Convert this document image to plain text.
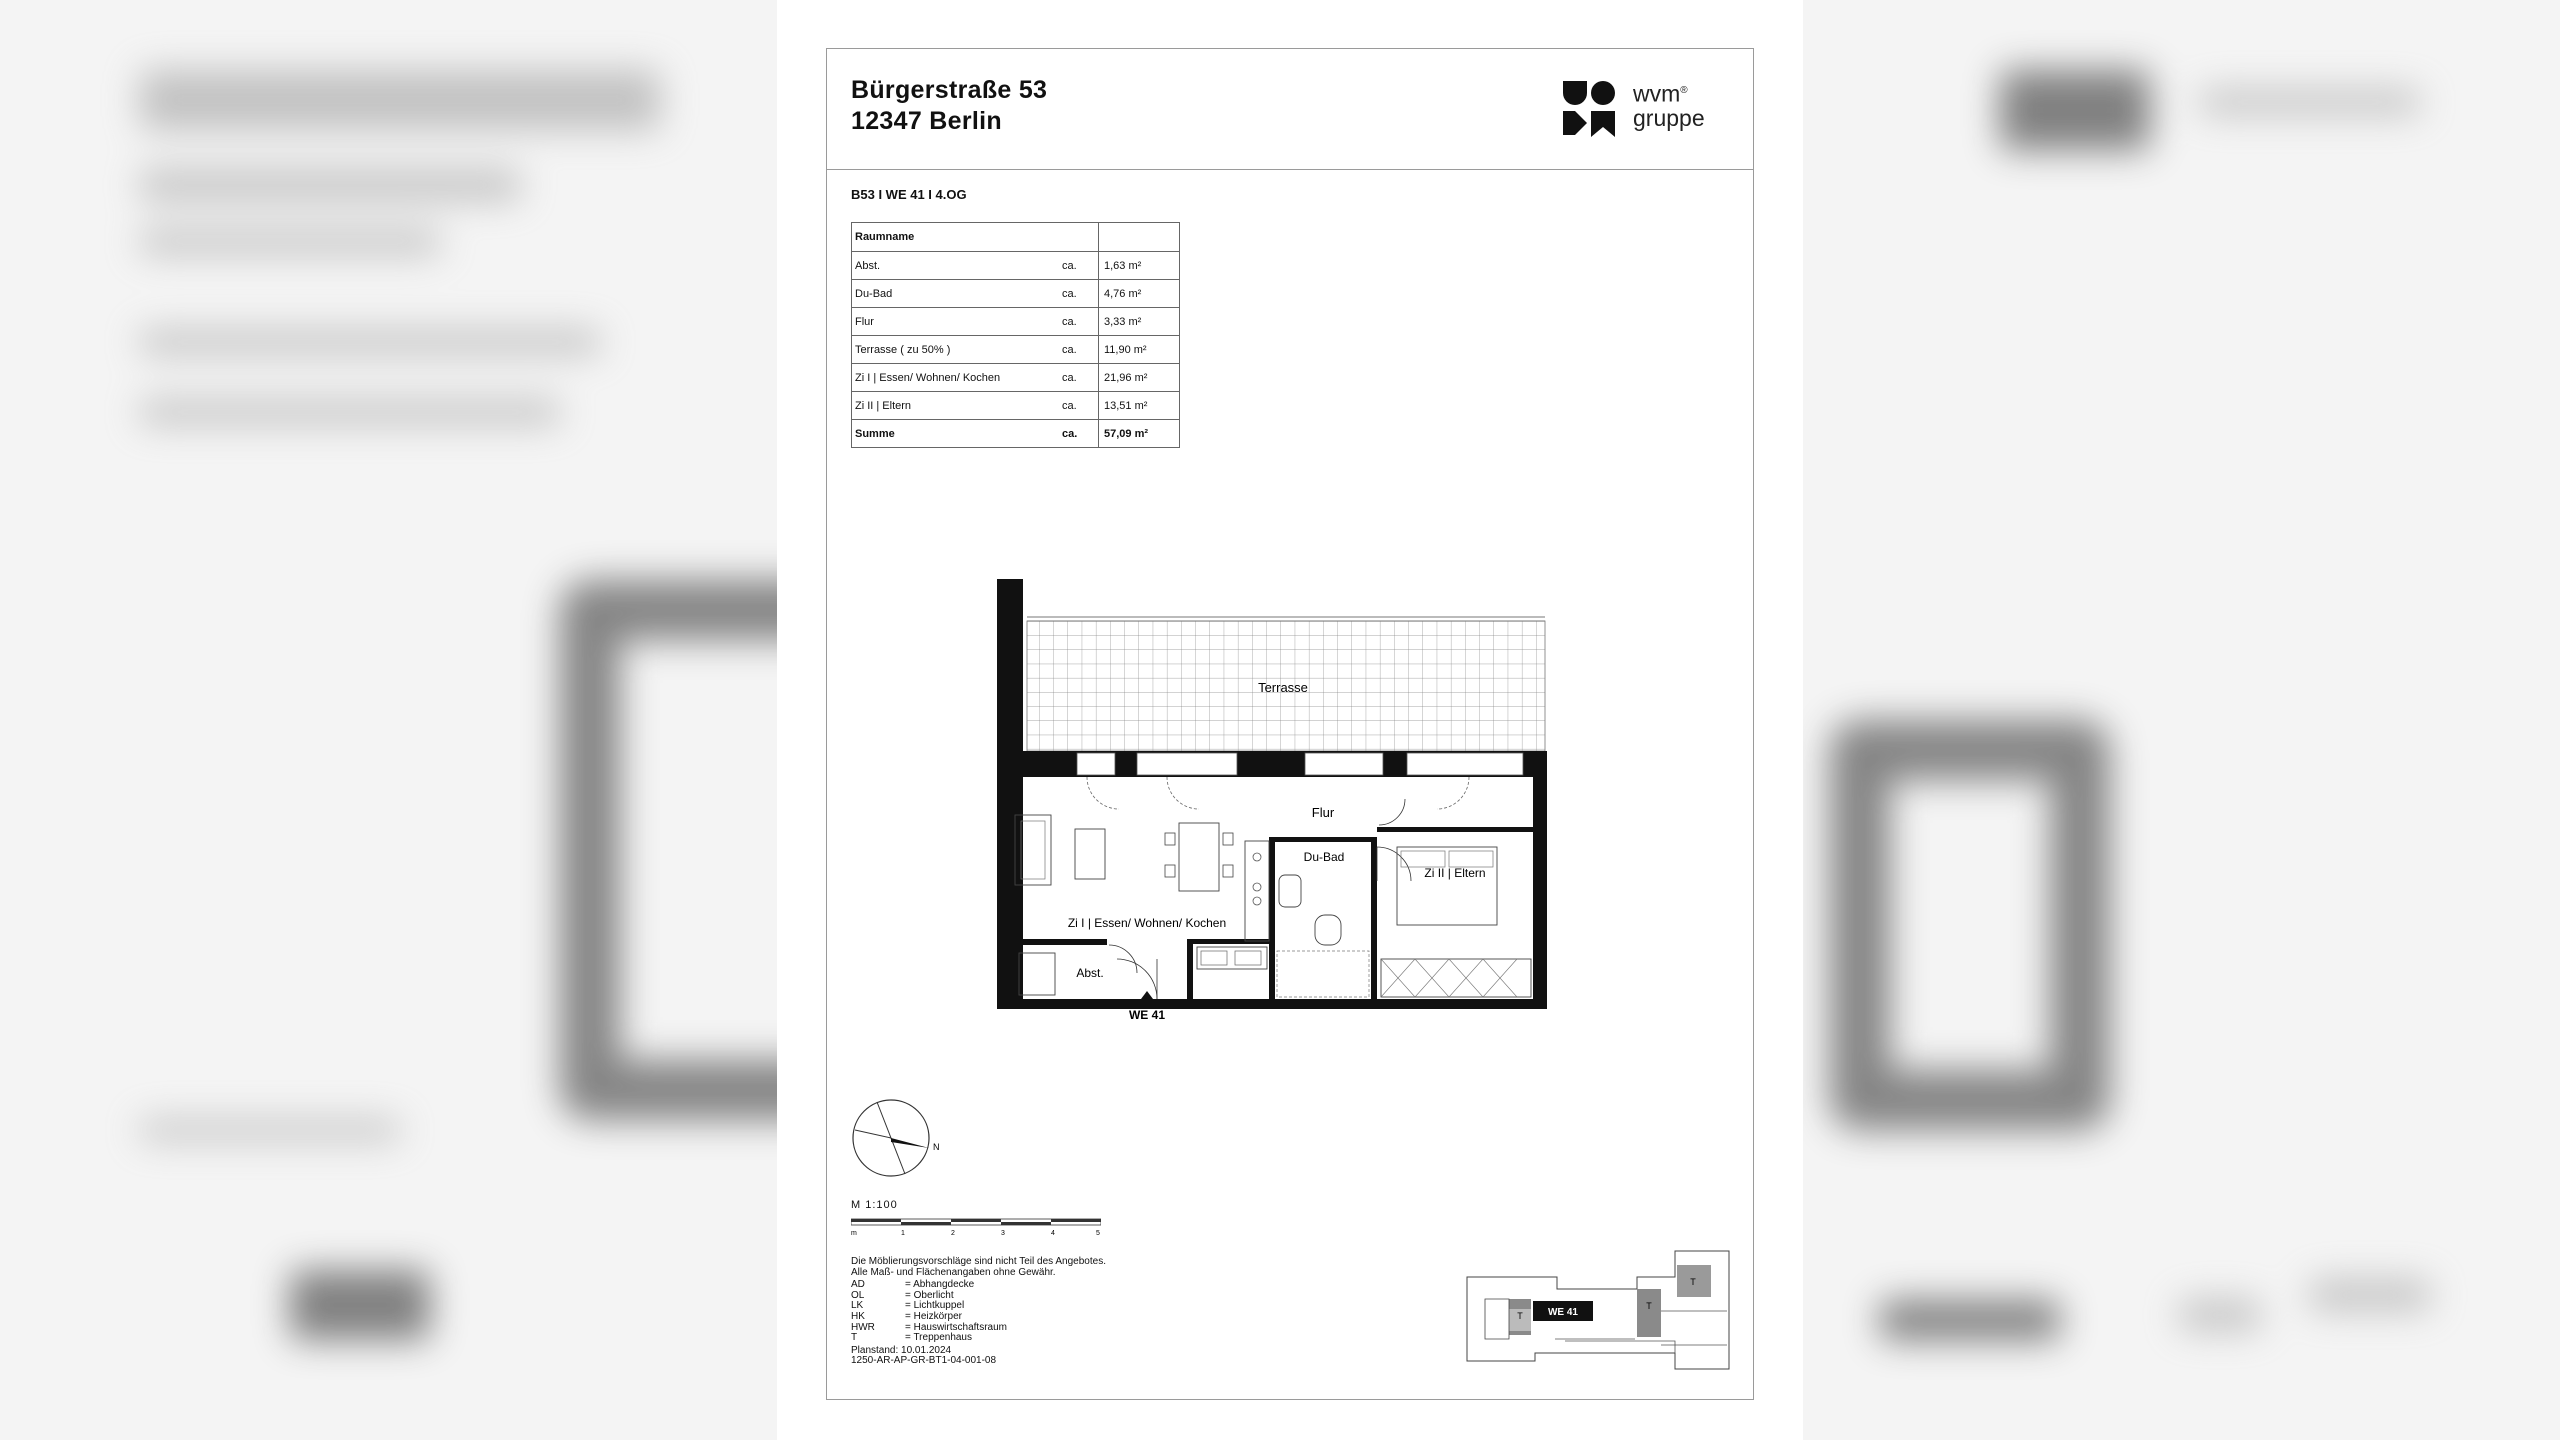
Bürgerstraße 53
12347 Berlin
wvm®
gruppe
B53 I WE 41 I 4.OG
Raumname		
Abst.	ca.	1,63 m²
Du-Bad	ca.	4,76 m²
Flur	ca.	3,33 m²
Terrasse ( zu 50% )	ca.	11,90 m²
Zi I | Essen/ Wohnen/ Kochen	ca.	21,96 m²
Zi II | Eltern	ca.	13,51 m²
Summe	ca.	57,09 m²
Terrasse
Flur
Du-Bad
Zi I | Essen/ Wohnen/ Kochen
Zi II | Eltern
Abst.
WE 41
N
M 1:100
m	1	2	3	4	5
Die Möblierungsvorschläge sind nicht Teil des Angebotes.
Alle Maß- und Flächenangaben ohne Gewähr.
AD	= Abhangdecke
OL	= Oberlicht
LK	= Lichtkuppel
HK	= Heizkörper
HWR	= Hauswirtschaftsraum
T	= Treppenhaus
Planstand: 10.01.2024
1250-AR-AP-GR-BT1-04-001-08
WE 41
T
T
T
